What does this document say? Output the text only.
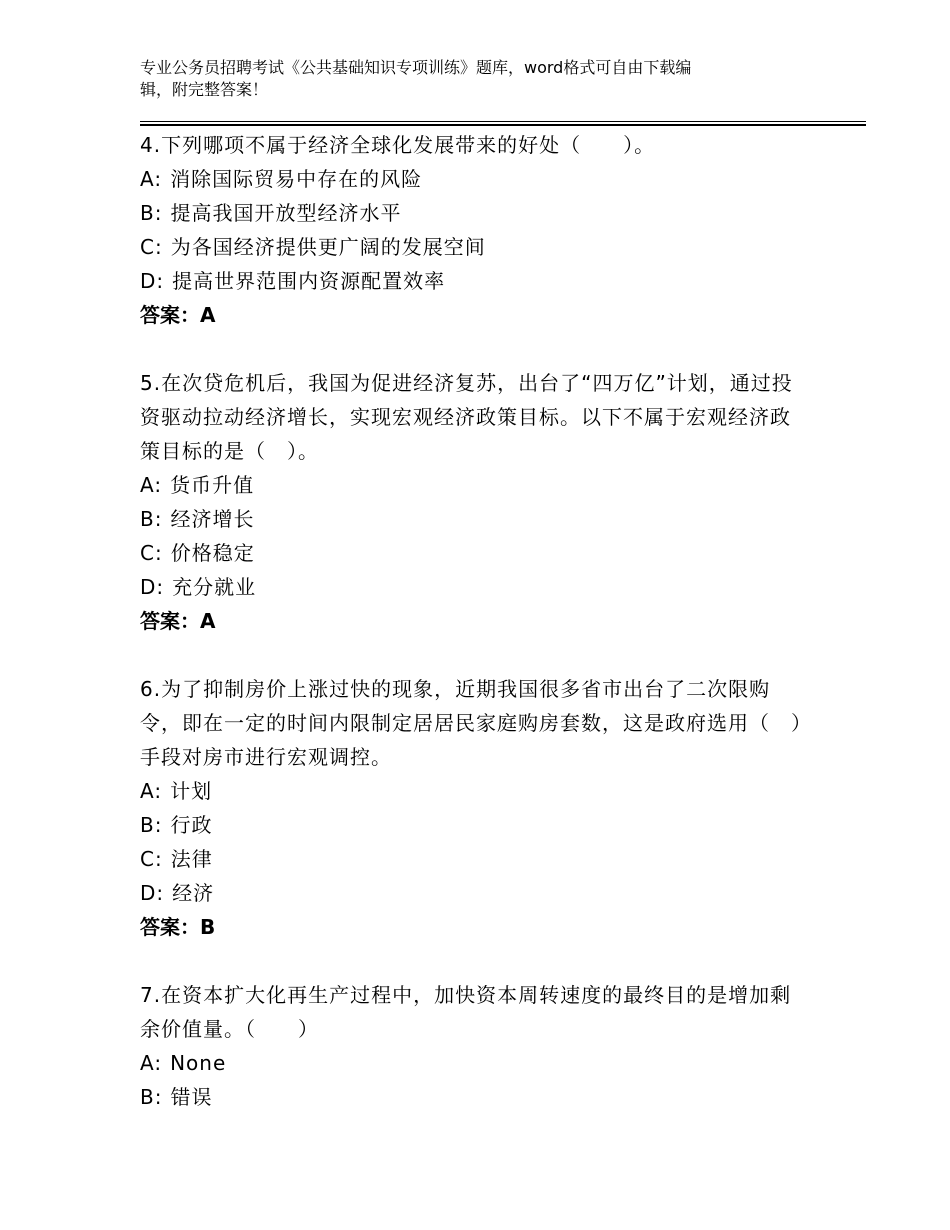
专业公务员招聘考试《公共基础知识专项训练》题库，word格式可自由下载编
辑，附完整答案！
4.下列哪项不属于经济全球化发展带来的好处（　　）。
A: 消除国际贸易中存在的风险
B: 提高我国开放型经济水平
C: 为各国经济提供更广阔的发展空间
D: 提高世界范围内资源配置效率
答案：A
5.在次贷危机后，我国为促进经济复苏，出台了“四万亿”计划，通过投资驱动拉动经济增长，实现宏观经济政策目标。以下不属于宏观经济政策目标的是（　）。
A: 货币升值
B: 经济增长
C: 价格稳定
D: 充分就业
答案：A
6.为了抑制房价上涨过快的现象，近期我国很多省市出台了二次限购令，即在一定的时间内限制定居居民家庭购房套数，这是政府选用（　）手段对房市进行宏观调控。
A: 计划
B: 行政
C: 法律
D: 经济
答案：B
7.在资本扩大化再生产过程中，加快资本周转速度的最终目的是增加剩余价值量。（　　）
A: None
B: 错误
